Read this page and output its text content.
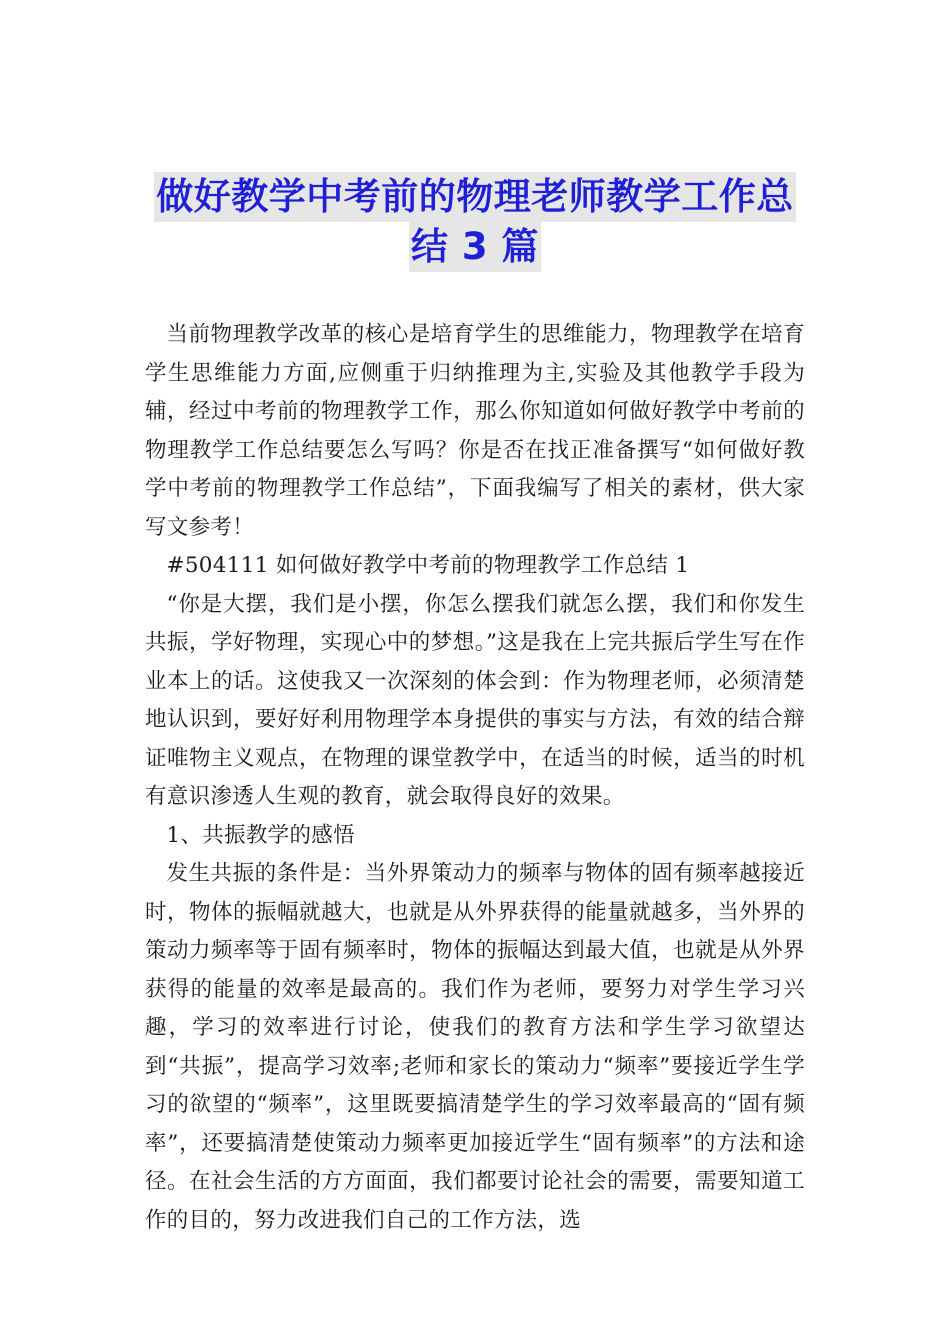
做好教学中考前的物理老师教学工作总
结 3 篇

当前物理教学改革的核心是培育学生的思维能力，物理教学在培育学生思维能力方面,应侧重于归纳推理为主,实验及其他教学手段为辅，经过中考前的物理教学工作，那么你知道如何做好教学中考前的物理教学工作总结要怎么写吗？你是否在找正准备撰写“如何做好教学中考前的物理教学工作总结”，下面我编写了相关的素材，供大家写文参考！

#504111 如何做好教学中考前的物理教学工作总结 1

“你是大摆，我们是小摆，你怎么摆我们就怎么摆，我们和你发生共振，学好物理，实现心中的梦想。”这是我在上完共振后学生写在作业本上的话。这使我又一次深刻的体会到：作为物理老师，必须清楚地认识到，要好好利用物理学本身提供的事实与方法，有效的结合辩证唯物主义观点，在物理的课堂教学中，在适当的时候，适当的时机有意识渗透人生观的教育，就会取得良好的效果。

1、共振教学的感悟

发生共振的条件是：当外界策动力的频率与物体的固有频率越接近时，物体的振幅就越大，也就是从外界获得的能量就越多，当外界的策动力频率等于固有频率时，物体的振幅达到最大值，也就是从外界获得的能量的效率是最高的。我们作为老师，要努力对学生学习兴趣，学习的效率进行讨论，使我们的教育方法和学生学习欲望达到“共振”，提高学习效率;老师和家长的策动力“频率”要接近学生学习的欲望的“频率”，这里既要搞清楚学生的学习效率最高的“固有频率”，还要搞清楚使策动力频率更加接近学生“固有频率”的方法和途径。在社会生活的方方面面，我们都要讨论社会的需要，需要知道工作的目的，努力改进我们自己的工作方法，选
